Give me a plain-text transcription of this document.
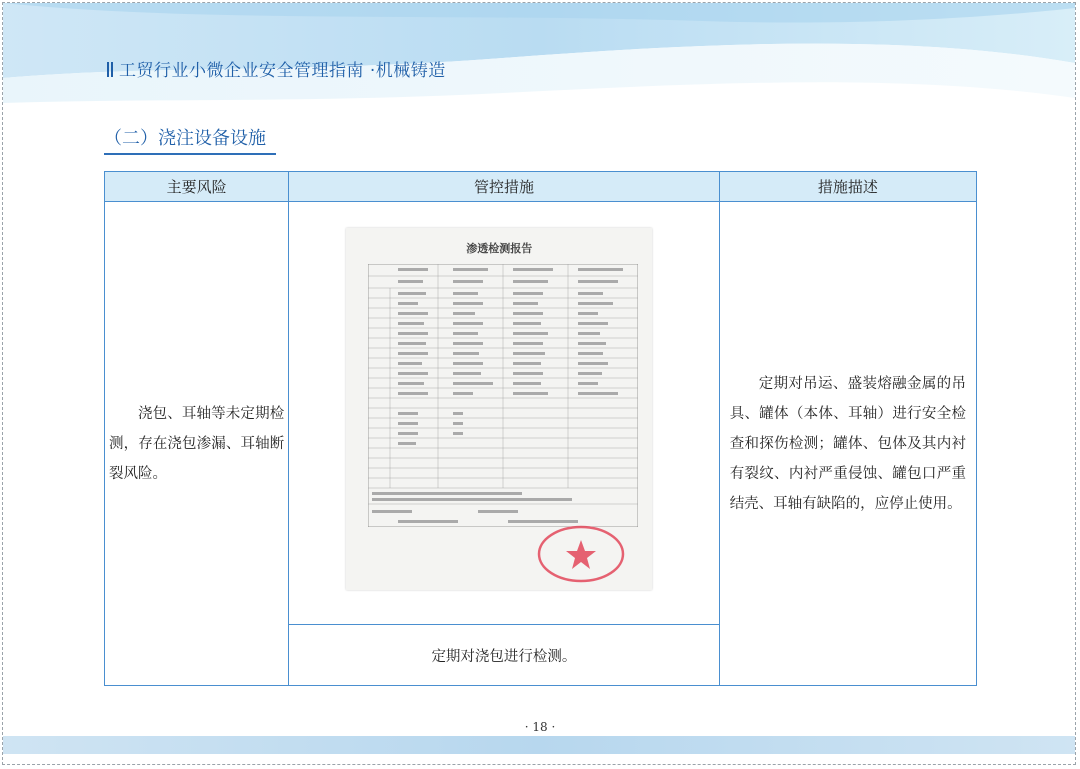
工贸行业小微企业安全管理指南 ·机械铸造
（二）浇注设备设施
主要风险	管控措施	措施描述

浇包、耳轴等未定期检测，存在浇包渗漏、耳轴断裂风险。	渗透检测报告	定期对吊运、盛装熔融金属的吊具、罐体（本体、耳轴）进行安全检查和探伤检测；罐体、包体及其内衬有裂纹、内衬严重侵蚀、罐包口严重结壳、耳轴有缺陷的，应停止使用。

	定期对浇包进行检测。	
· 18 ·
